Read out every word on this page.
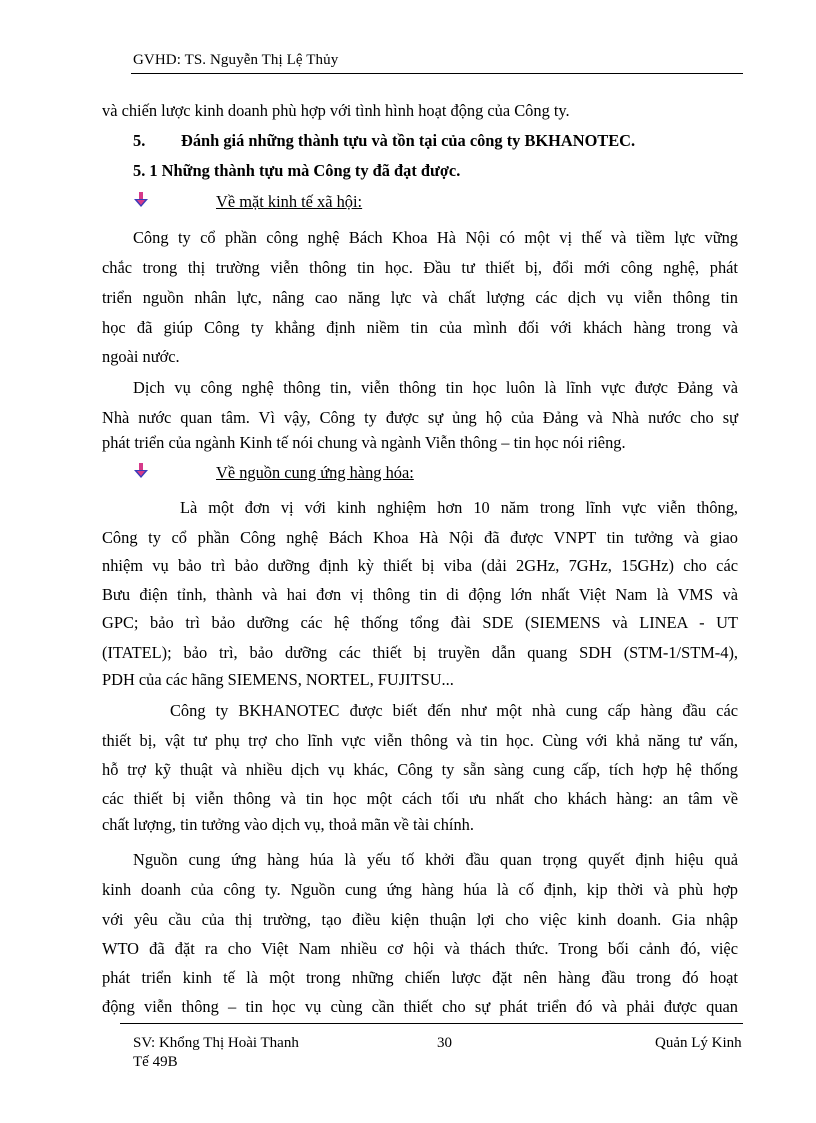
GVHD: TS. Nguyễn Thị Lệ Thủy
và chiến lược kinh doanh phù hợp với tình hình hoạt động của Công ty.
5. Đánh giá những thành tựu và tồn tại của công ty BKHANOTEC.
5. 1 Những thành tựu mà Công ty đã đạt được.
Về mặt kinh tế xã hội:
Công ty cổ phần công nghệ Bách Khoa Hà Nội có một vị thế và tiềm lực vững
chắc trong thị trường viễn thông tin học. Đầu tư thiết bị, đổi mới công nghệ, phát
triển nguồn nhân lực, nâng cao năng lực và chất lượng các dịch vụ viễn thông tin
học đã giúp Công ty khẳng định niềm tin của mình đối với khách hàng trong và
ngoài nước.
Dịch vụ công nghệ thông tin, viễn thông tin học luôn là lĩnh vực được Đảng và
Nhà nước quan tâm. Vì vậy, Công ty được sự ủng hộ của Đảng và Nhà nước cho sự
phát triển của ngành Kinh tế nói chung và ngành Viễn thông – tin học nói riêng.
Về nguồn cung ứng hàng hóa:
Là một đơn vị với kinh nghiệm hơn 10 năm trong lĩnh vực viễn thông,
Công ty cổ phần Công nghệ Bách Khoa Hà Nội đã được VNPT tin tưởng và giao
nhiệm vụ bảo trì bảo dưỡng định kỳ thiết bị viba (dải 2GHz, 7GHz, 15GHz) cho các
Bưu điện tỉnh, thành và hai đơn vị thông tin di động lớn nhất Việt Nam là VMS và
GPC; bảo trì bảo dưỡng các hệ thống tổng đài SDE (SIEMENS và LINEA - UT
(ITATEL); bảo trì, bảo dưỡng các thiết bị truyền dẫn quang SDH (STM-1/STM-4),
PDH của các hãng SIEMENS, NORTEL, FUJITSU...
Công ty BKHANOTEC được biết đến như một nhà cung cấp hàng đầu các
thiết bị, vật tư phụ trợ cho lĩnh vực viễn thông và tin học. Cùng với khả năng tư vấn,
hỗ trợ kỹ thuật và nhiều dịch vụ khác, Công ty sẵn sàng cung cấp, tích hợp hệ thống
các thiết bị viễn thông và tin học một cách tối ưu nhất cho khách hàng: an tâm về
chất lượng, tin tưởng vào dịch vụ, thoả mãn về tài chính.
Nguồn cung ứng hàng húa là yếu tố khởi đầu quan trọng quyết định hiệu quả
kinh doanh của công ty. Nguồn cung ứng hàng húa là cố định, kịp thời và phù hợp
với yêu cầu của thị trường, tạo điều kiện thuận lợi cho việc kinh doanh. Gia nhập
WTO đã đặt ra cho Việt Nam nhiều cơ hội và thách thức. Trong bối cảnh đó, việc
phát triển kinh tế là một trong những chiến lược đặt nên hàng đầu trong đó hoạt
động viễn thông – tin học vụ cùng cần thiết cho sự phát triển đó và phải được quan
SV: Khổng Thị Hoài Thanh
Tế 49B
30	Quản Lý Kinh
